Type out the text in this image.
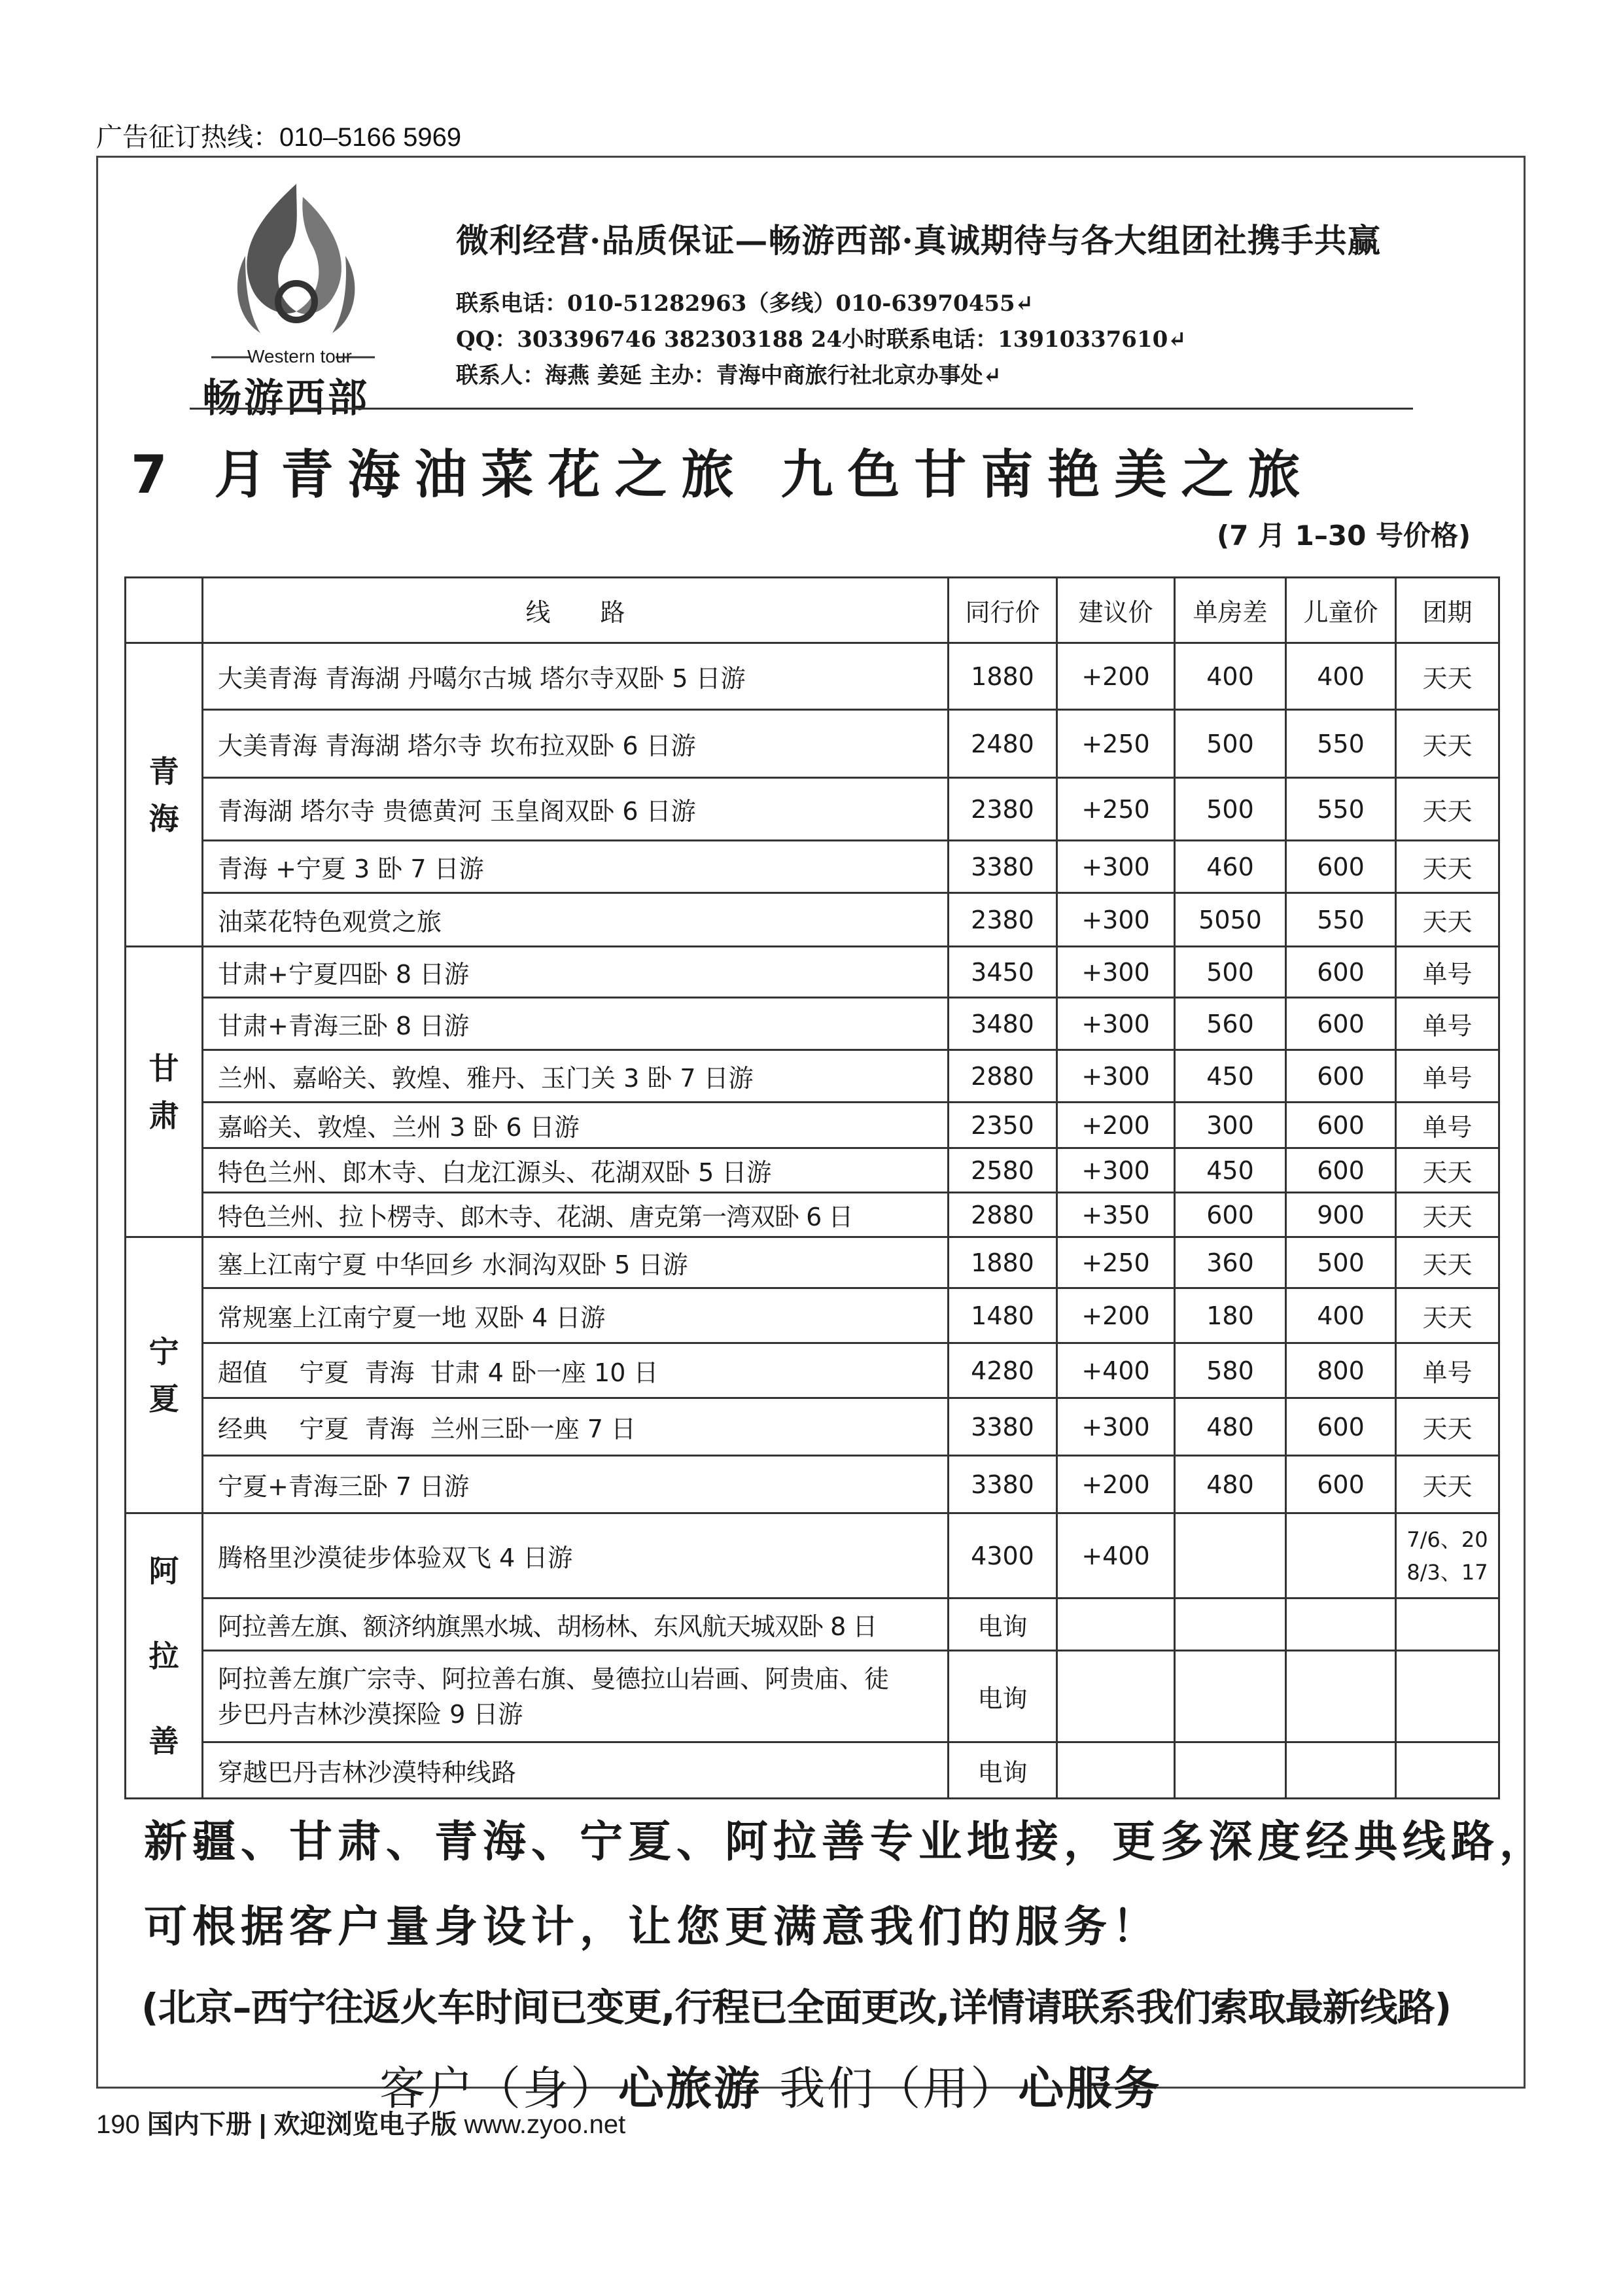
广告征订热线：010–5166 5969
Western tour
畅游西部
微利经营·品质保证—畅游西部·真诚期待与各大组团社携手共赢
联系电话：010-51282963（多线）010-63970455↵
QQ：303396746 382303188 24小时联系电话：13910337610↵
联系人：海燕 姜延 主办：青海中商旅行社北京办事处↵
7 月青海油菜花之旅 九色甘南艳美之旅
(7 月 1–30 号价格)
	线　　路	同行价	建议价	单房差	儿童价	团期
青
海	大美青海 青海湖 丹噶尔古城 塔尔寺双卧 5 日游	1880	+200	400	400	天天
	大美青海 青海湖 塔尔寺 坎布拉双卧 6 日游	2480	+250	500	550	天天
	青海湖 塔尔寺 贵德黄河 玉皇阁双卧 6 日游	2380	+250	500	550	天天
	青海 +宁夏 3 卧 7 日游	3380	+300	460	600	天天
	油菜花特色观赏之旅	2380	+300	5050	550	天天
甘
肃	甘肃+宁夏四卧 8 日游	3450	+300	500	600	单号
	甘肃+青海三卧 8 日游	3480	+300	560	600	单号
	兰州、嘉峪关、敦煌、雅丹、玉门关 3 卧 7 日游	2880	+300	450	600	单号
	嘉峪关、敦煌、兰州 3 卧 6 日游	2350	+200	300	600	单号
	特色兰州、郎木寺、白龙江源头、花湖双卧 5 日游	2580	+300	450	600	天天
	特色兰州、拉卜楞寺、郎木寺、花湖、唐克第一湾双卧 6 日	2880	+350	600	900	天天
宁
夏	塞上江南宁夏 中华回乡 水洞沟双卧 5 日游	1880	+250	360	500	天天
	常规塞上江南宁夏一地 双卧 4 日游	1480	+200	180	400	天天
	超值    宁夏  青海  甘肃 4 卧一座 10 日	4280	+400	580	800	单号
	经典    宁夏  青海  兰州三卧一座 7 日	3380	+300	480	600	天天
	宁夏+青海三卧 7 日游	3380	+200	480	600	天天
阿
拉
善	腾格里沙漠徒步体验双飞 4 日游	4300	+400			7/6、20
8/3、17
	阿拉善左旗、额济纳旗黑水城、胡杨林、东风航天城双卧 8 日	电询				
	阿拉善左旗广宗寺、阿拉善右旗、曼德拉山岩画、阿贵庙、徒
步巴丹吉林沙漠探险 9 日游	电询				
	穿越巴丹吉林沙漠特种线路	电询				
新疆、甘肃、青海、宁夏、阿拉善专业地接，更多深度经典线路，
可根据客户量身设计，让您更满意我们的服务！
(北京–西宁往返火车时间已变更,行程已全面更改,详情请联系我们索取最新线路)
客户（身）心旅游 我们（用）心服务
190 国内下册 | 欢迎浏览电子版 www.zyoo.net
